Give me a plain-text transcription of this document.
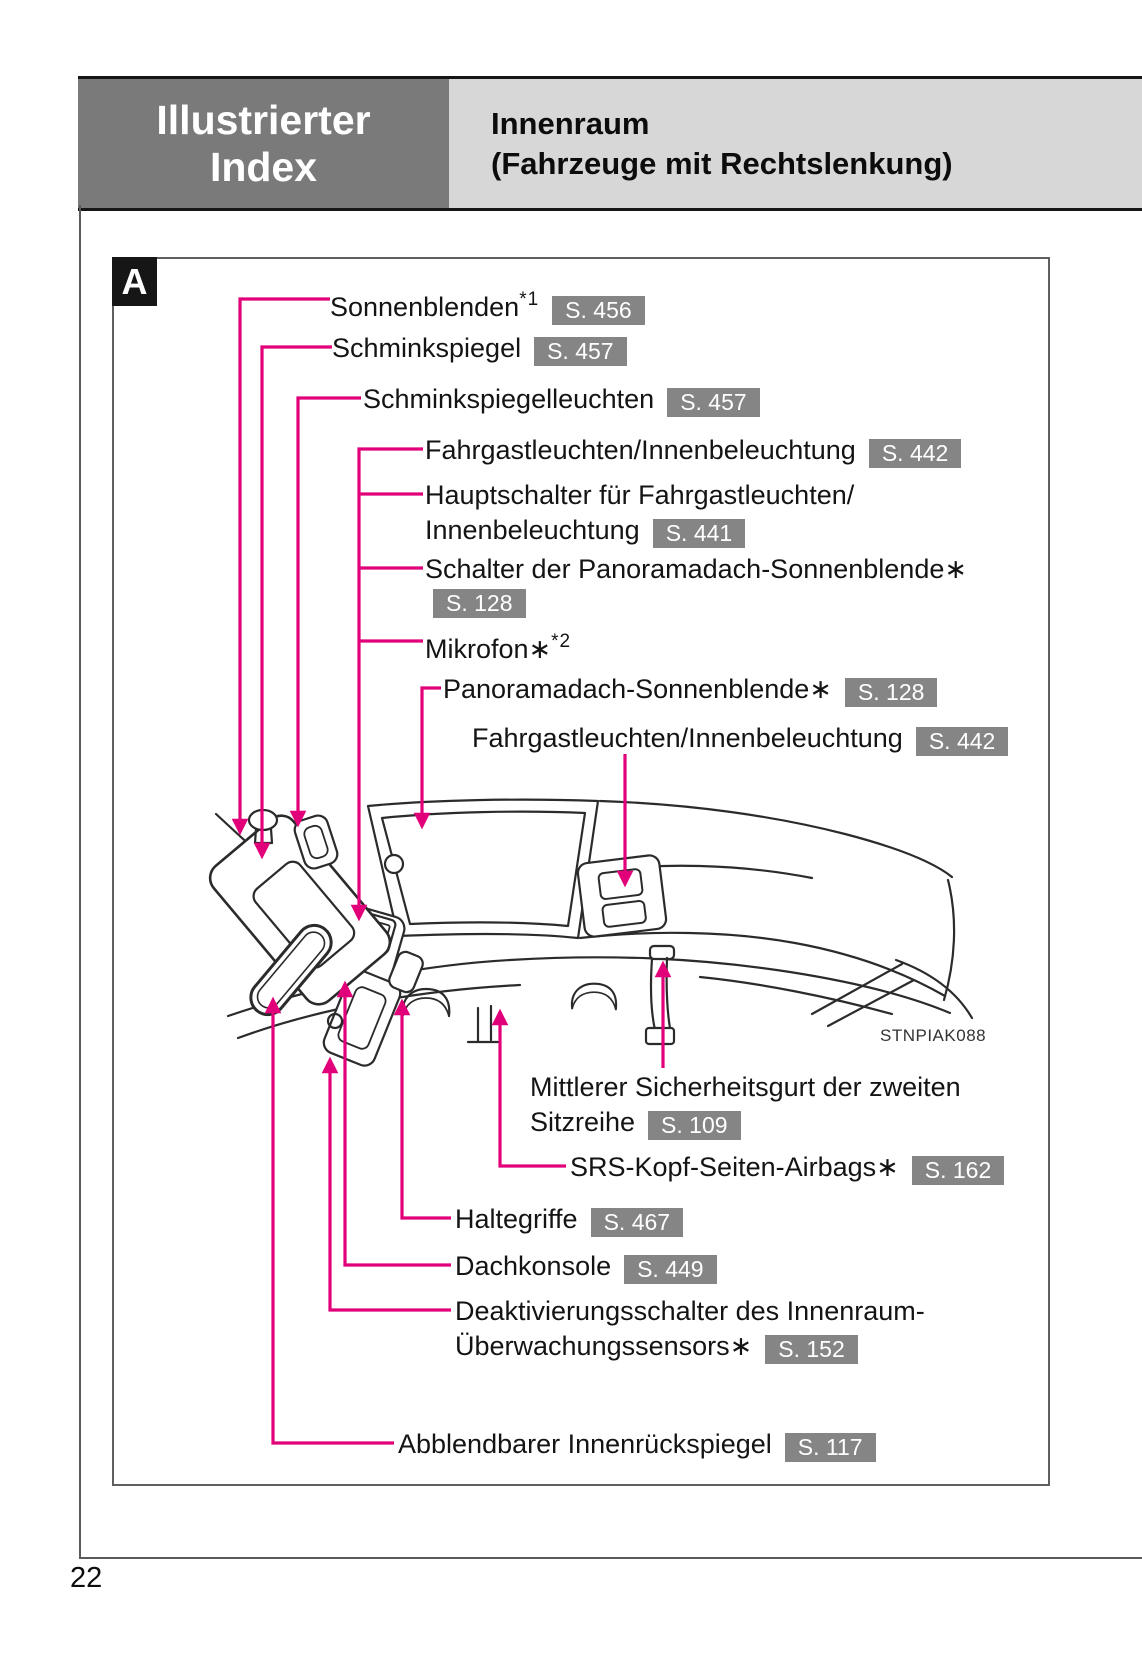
Illustrierter
Index
Innenraum
(Fahrzeuge mit Rechtslenkung)
A
Sonnenblenden$^{*1}$ S. 456
Schminkspiegel S. 457
Schminkspiegelleuchten S. 457
Fahrgastleuchten/Innenbeleuchtung S. 442
Hauptschalter für Fahrgastleuchten/
Innenbeleuchtung S. 441
Schalter der Panoramadach-Sonnenblende∗
Mikrofon∗$^{*2}$
Panoramadach-Sonnenblende∗ S. 128
Fahrgastleuchten/Innenbeleuchtung S. 442
Mittlerer Sicherheitsgurt der zweiten
Sitzreihe S. 109
SRS-Kopf-Seiten-Airbags∗ S. 162
Haltegriffe S. 467
Dachkonsole S. 449
Deaktivierungsschalter des Innenraum-
Überwachungssensors∗ S. 152
Abblendbarer Innenrückspiegel S. 117
STNPIAK088
22
S. 128
